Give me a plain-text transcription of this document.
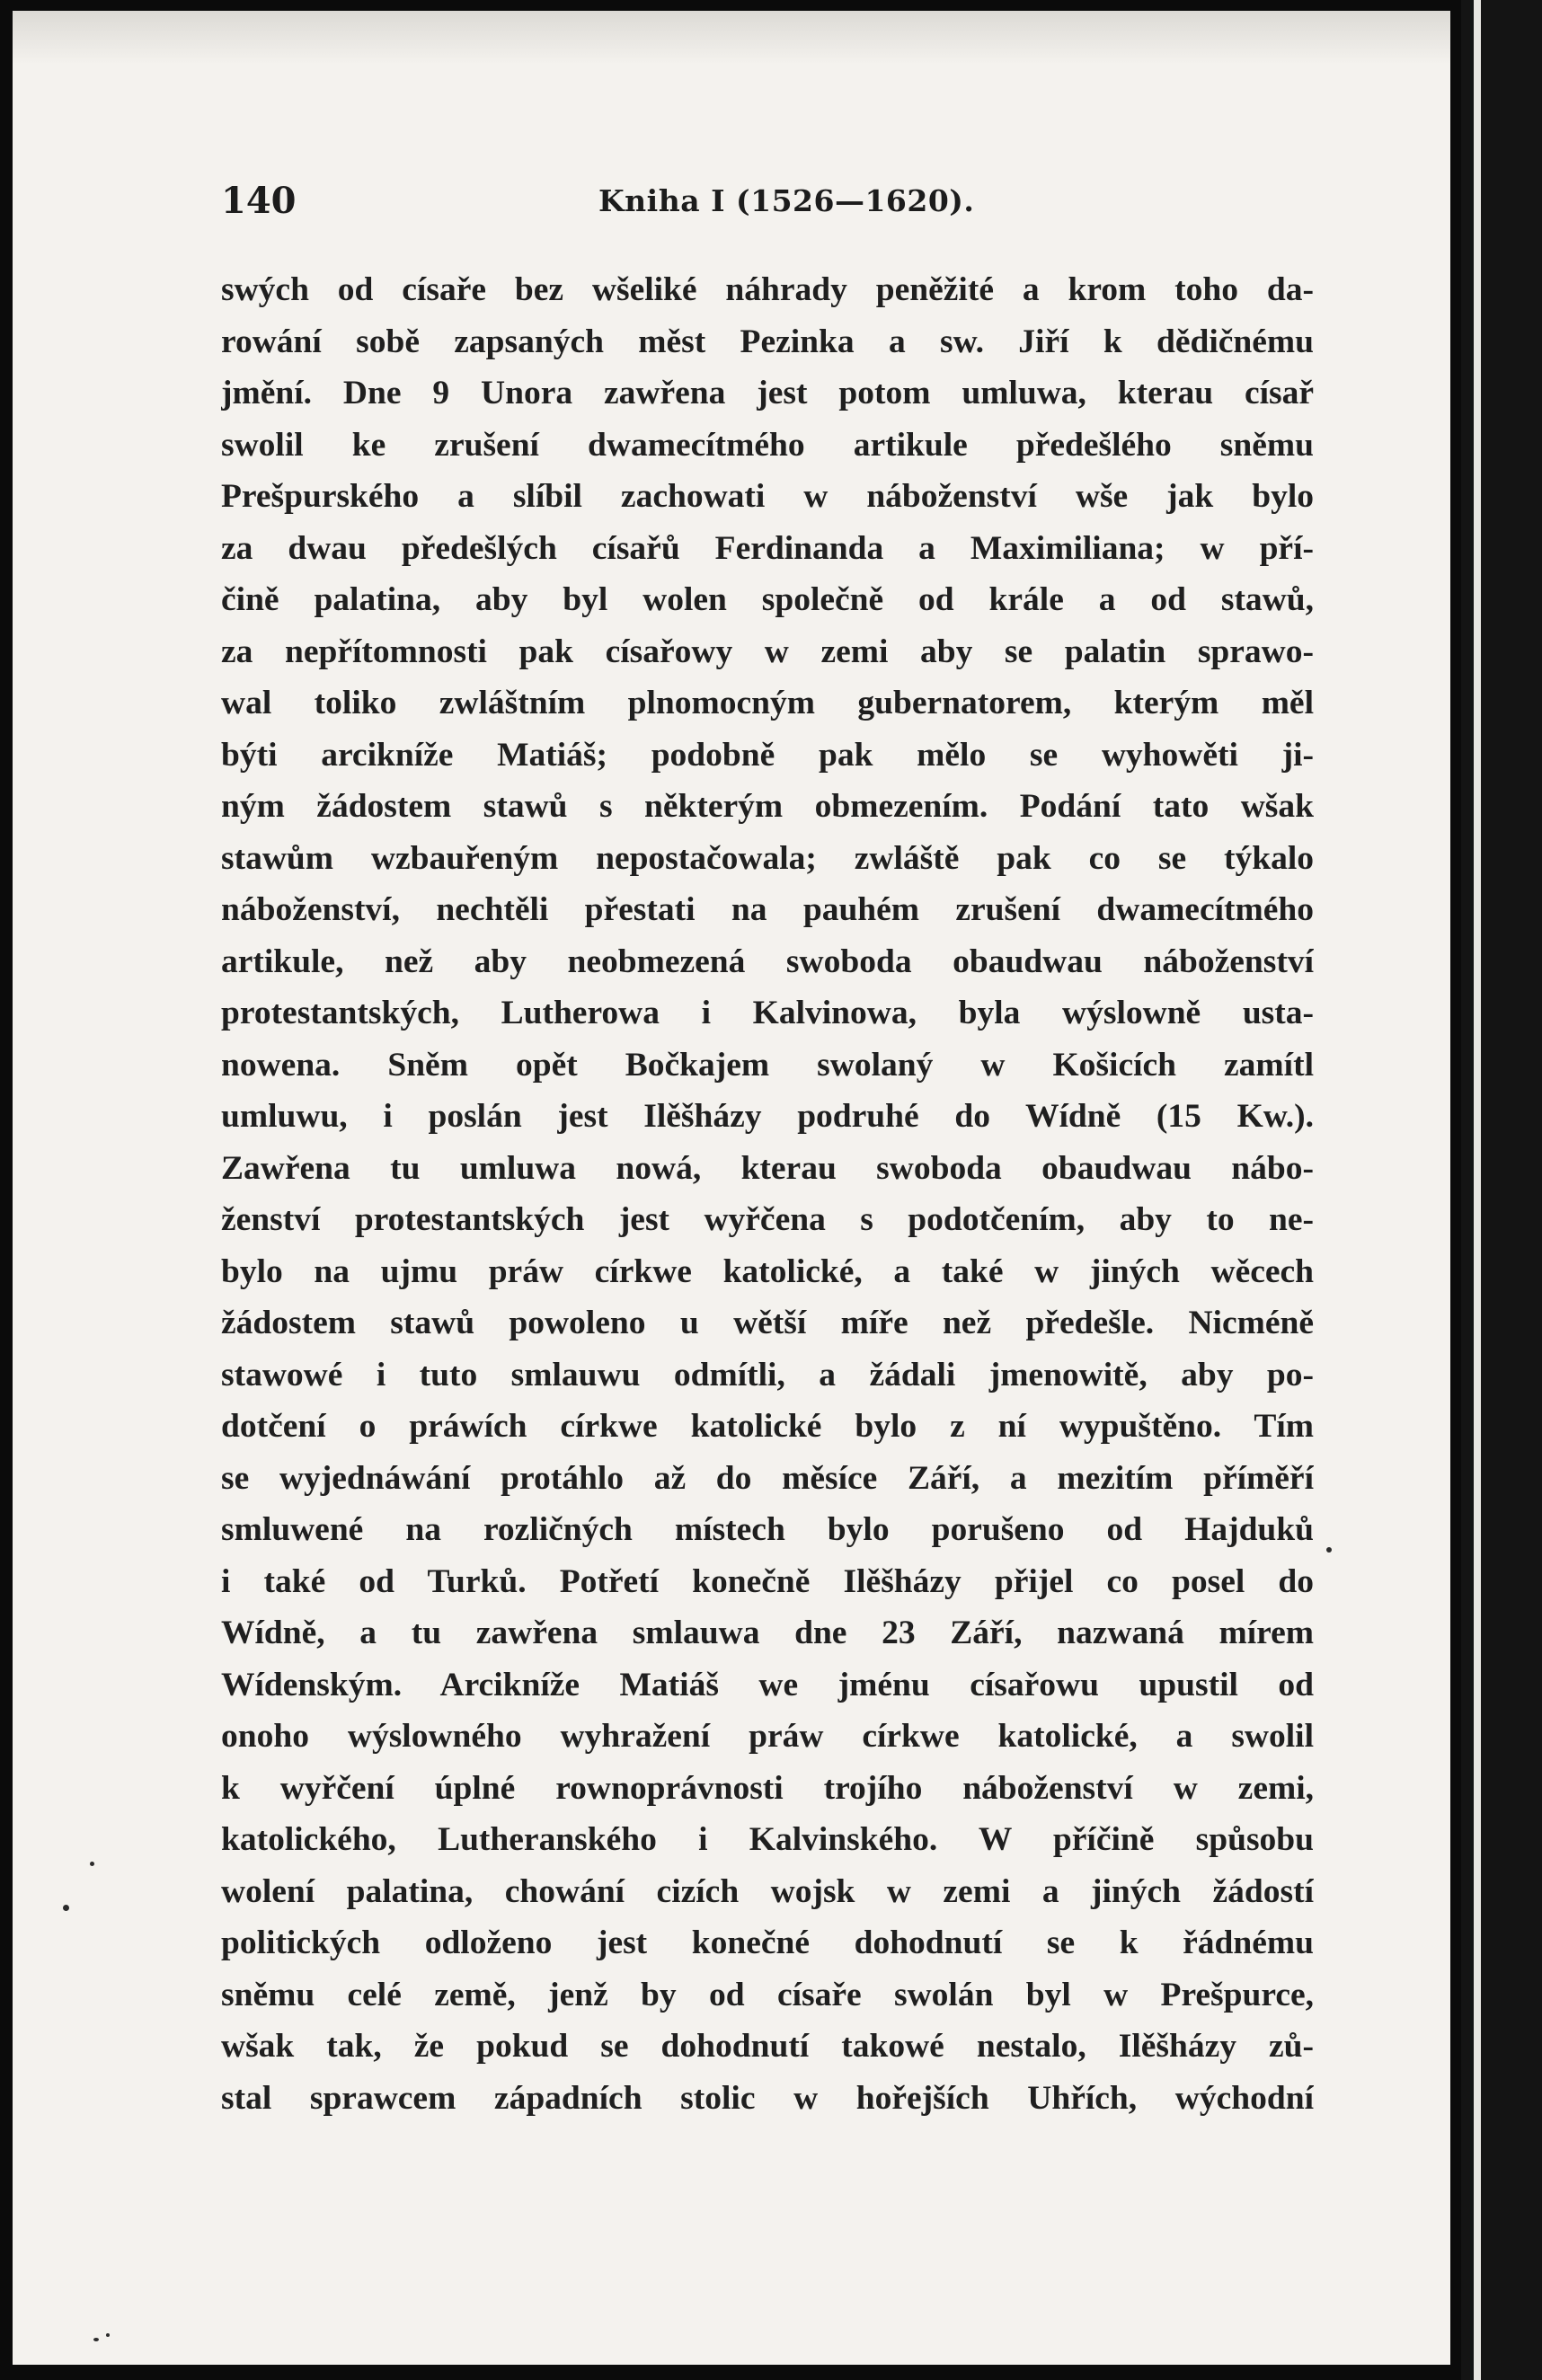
140	Kniha I (1526—1620).
swých od císaře bez wšeliké náhrady peněžité a krom toho da-
rowání sobě zapsaných měst Pezinka a sw. Jiří k dědičnému
jmění. Dne 9 Unora zawřena jest potom umluwa, kterau císař
swolil ke zrušení dwamecítmého artikule předešlého sněmu
Prešpurského a slíbil zachowati w náboženství wše jak bylo
za dwau předešlých císařů Ferdinanda a Maximiliana; w pří-
čině palatina, aby byl wolen společně od krále a od stawů,
za nepřítomnosti pak císařowy w zemi aby se palatin sprawo-
wal toliko zwláštním plnomocným gubernatorem, kterým měl
býti arcikníže Matiáš; podobně pak mělo se wyhowěti ji-
ným žádostem stawů s některým obmezením. Podání tato wšak
stawům wzbauřeným nepostačowala; zwláště pak co se týkalo
náboženství, nechtěli přestati na pauhém zrušení dwamecítmého
artikule, než aby neobmezená swoboda obaudwau náboženství
protestantských, Lutherowa i Kalvinowa, byla wýslowně usta-
nowena. Sněm opět Bočkajem swolaný w Košicích zamítl
umluwu, i poslán jest Ilěšházy podruhé do Wídně (15 Kw.).
Zawřena tu umluwa nowá, kterau swoboda obaudwau nábo-
ženství protestantských jest wyřčena s podotčením, aby to ne-
bylo na ujmu práw církwe katolické, a také w jiných wěcech
žádostem stawů powoleno u wětší míře než předešle. Nicméně
stawowé i tuto smlauwu odmítli, a žádali jmenowitě, aby po-
dotčení o práwích církwe katolické bylo z ní wypuštěno. Tím
se wyjednáwání protáhlo až do měsíce Září, a mezitím příměří
smluwené na rozličných místech bylo porušeno od Hajduků
i také od Turků. Potřetí konečně Ilěšházy přijel co posel do
Wídně, a tu zawřena smlauwa dne 23 Září, nazwaná mírem
Wídenským. Arcikníže Matiáš we jménu císařowu upustil od
onoho wýslowného wyhražení práw církwe katolické, a swolil
k wyřčení úplné rownoprávnosti trojího náboženství w zemi,
katolického, Lutheranského i Kalvinského. W příčině spůsobu
wolení palatina, chowání cizích wojsk w zemi a jiných žádostí
politických odloženo jest konečné dohodnutí se k řádnému
sněmu celé země, jenž by od císaře swolán byl w Prešpurce,
wšak tak, že pokud se dohodnutí takowé nestalo, Ilěšházy zů-
stal sprawcem západních stolic w hořejších Uhřích, wýchodní
